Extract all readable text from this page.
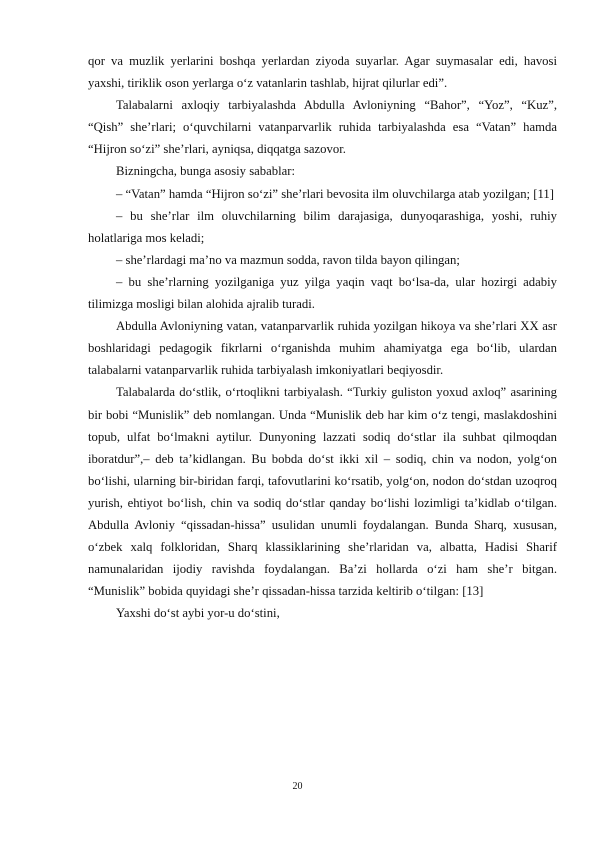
qor va muzlik yerlarini boshqa yerlardan ziyoda suyarlar. Agar suymasalar edi, havosi yaxshi, tiriklik oson yerlarga o‘z vatanlarin tashlab, hijrat qilurlar edi”.

Talabalarni axloqiy tarbiyalashda Abdulla Avloniyning “Bahor”, “Yoz”, “Kuz”, “Qish” she’rlari; o‘quvchilarni vatanparvarlik ruhida tarbiyalashda esa “Vatan” hamda “Hijron so‘zi” she’rlari, ayniqsa, diqqatga sazovor.

Bizningcha, bunga asosiy sabablar:

– “Vatan” hamda “Hijron so‘zi” she’rlari bevosita ilm oluvchilarga atab yozilgan; [11]

– bu she’rlar ilm oluvchilarning bilim darajasiga, dunyoqarashiga, yoshi, ruhiy holatlariga mos keladi;

– she’rlardagi ma’no va mazmun sodda, ravon tilda bayon qilingan;

– bu she’rlarning yozilganiga yuz yilga yaqin vaqt bo‘lsa-da, ular hozirgi adabiy tilimizga mosligi bilan alohida ajralib turadi.

Abdulla Avloniyning vatan, vatanparvarlik ruhida yozilgan hikoya va she’rlari XX asr boshlaridagi pedagogik fikrlarni o‘rganishda muhim ahamiyatga ega bo‘lib, ulardan talabalarni vatanparvarlik ruhida tarbiyalash imkoniyatlari beqiyosdir.

Talabalarda do‘stlik, o‘rtoqlikni tarbiyalash. “Turkiy guliston yoxud axloq” asarining bir bobi “Munislik” deb nomlangan. Unda “Munislik deb har kim o‘z tengi, maslakdoshini topub, ulfat bo‘lmakni aytilur. Dunyoning lazzati sodiq do‘stlar ila suhbat qilmoqdan iboratdur”,– deb ta’kidlangan. Bu bobda do‘st ikki xil – sodiq, chin va nodon, yolg‘on bo‘lishi, ularning bir-biridan farqi, tafovutlarini ko‘rsatib, yolg‘on, nodon do‘stdan uzoqroq yurish, ehtiyot bo‘lish, chin va sodiq do‘stlar qanday bo‘lishi lozimligi ta’kidlab o‘tilgan. Abdulla Avloniy “qissadan-hissa” usulidan unumli foydalangan. Bunda Sharq, xususan, o‘zbek xalq folkloridan, Sharq klassiklarining she’rlaridan va, albatta, Hadisi Sharif namunalaridan ijodiy ravishda foydalangan. Ba’zi hollarda o‘zi ham she’r bitgan. “Munislik” bobida quyidagi she’r qissadan-hissa tarzida keltirib o‘tilgan: [13]

Yaxshi do‘st aybi yor-u do‘stini,

20
